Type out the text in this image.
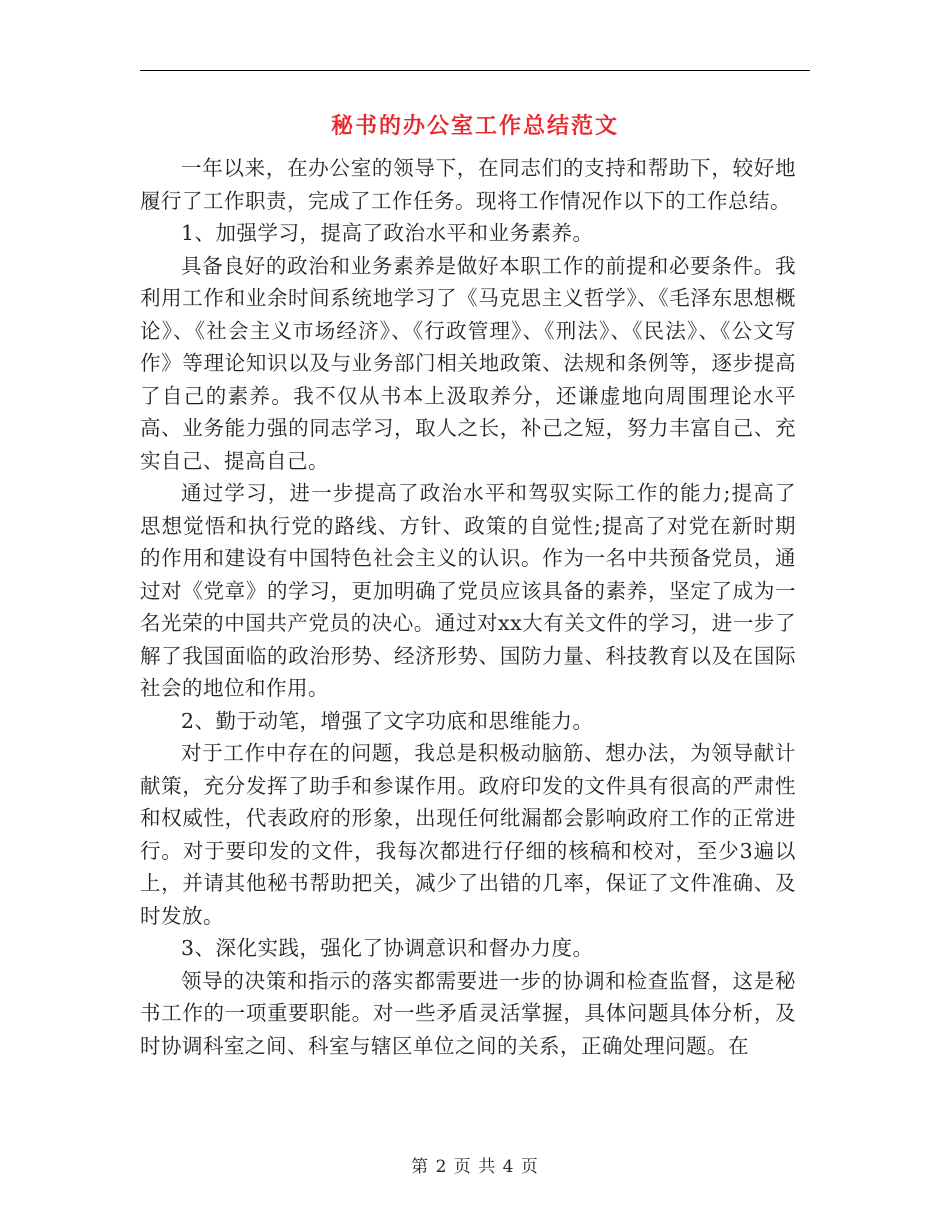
秘书的办公室工作总结范文

一年以来，在办公室的领导下，在同志们的支持和帮助下，较好地履行了工作职责，完成了工作任务。现将工作情况作以下的工作总结。

1、加强学习，提高了政治水平和业务素养。

具备良好的政治和业务素养是做好本职工作的前提和必要条件。我利用工作和业余时间系统地学习了《马克思主义哲学》、《毛泽东思想概论》、《社会主义市场经济》、《行政管理》、《刑法》、《民法》、《公文写作》等理论知识以及与业务部门相关地政策、法规和条例等，逐步提高了自己的素养。我不仅从书本上汲取养分，还谦虚地向周围理论水平高、业务能力强的同志学习，取人之长，补己之短，努力丰富自己、充实自己、提高自己。

通过学习，进一步提高了政治水平和驾驭实际工作的能力;提高了思想觉悟和执行党的路线、方针、政策的自觉性;提高了对党在新时期的作用和建设有中国特色社会主义的认识。作为一名中共预备党员，通过对《党章》的学习，更加明确了党员应该具备的素养，坚定了成为一名光荣的中国共产党员的决心。通过对xx大有关文件的学习，进一步了解了我国面临的政治形势、经济形势、国防力量、科技教育以及在国际社会的地位和作用。

2、勤于动笔，增强了文字功底和思维能力。

对于工作中存在的问题，我总是积极动脑筋、想办法，为领导献计献策，充分发挥了助手和参谋作用。政府印发的文件具有很高的严肃性和权威性，代表政府的形象，出现任何纰漏都会影响政府工作的正常进行。对于要印发的文件，我每次都进行仔细的核稿和校对，至少3遍以上，并请其他秘书帮助把关，减少了出错的几率，保证了文件准确、及时发放。

3、深化实践，强化了协调意识和督办力度。

领导的决策和指示的落实都需要进一步的协调和检查监督，这是秘书工作的一项重要职能。对一些矛盾灵活掌握，具体问题具体分析，及时协调科室之间、科室与辖区单位之间的关系，正确处理问题。在

第 2 页 共 4 页
